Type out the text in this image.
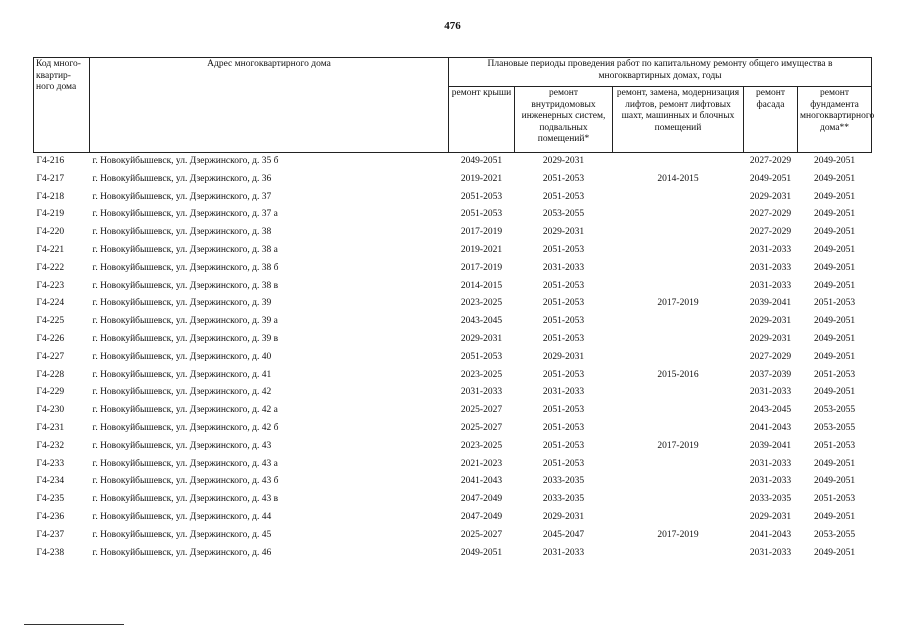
476
Код много-квартир-ного дома	Адрес многоквартирного дома	Плановые периоды проведения работ по капитальному ремонту общего имущества в многоквартирных домах, годы				
		ремонт крыши	ремонт внутридомовых инженерных систем, подвальных помещений*	ремонт, замена, модернизация лифтов, ремонт лифтовых шахт, машинных и блочных помещений	ремонт фасада	ремонт фундамента многоквартирного дома**
Г4-216	г. Новокуйбышевск, ул. Дзержинского, д. 35 б	2049-2051	2029-2031		2027-2029	2049-2051
Г4-217	г. Новокуйбышевск, ул. Дзержинского, д. 36	2019-2021	2051-2053	2014-2015	2049-2051	2049-2051
Г4-218	г. Новокуйбышевск, ул. Дзержинского, д. 37	2051-2053	2051-2053		2029-2031	2049-2051
Г4-219	г. Новокуйбышевск, ул. Дзержинского, д. 37 а	2051-2053	2053-2055		2027-2029	2049-2051
Г4-220	г. Новокуйбышевск, ул. Дзержинского, д. 38	2017-2019	2029-2031		2027-2029	2049-2051
Г4-221	г. Новокуйбышевск, ул. Дзержинского, д. 38 а	2019-2021	2051-2053		2031-2033	2049-2051
Г4-222	г. Новокуйбышевск, ул. Дзержинского, д. 38 б	2017-2019	2031-2033		2031-2033	2049-2051
Г4-223	г. Новокуйбышевск, ул. Дзержинского, д. 38 в	2014-2015	2051-2053		2031-2033	2049-2051
Г4-224	г. Новокуйбышевск, ул. Дзержинского, д. 39	2023-2025	2051-2053	2017-2019	2039-2041	2051-2053
Г4-225	г. Новокуйбышевск, ул. Дзержинского, д. 39 а	2043-2045	2051-2053		2029-2031	2049-2051
Г4-226	г. Новокуйбышевск, ул. Дзержинского, д. 39 в	2029-2031	2051-2053		2029-2031	2049-2051
Г4-227	г. Новокуйбышевск, ул. Дзержинского, д. 40	2051-2053	2029-2031		2027-2029	2049-2051
Г4-228	г. Новокуйбышевск, ул. Дзержинского, д. 41	2023-2025	2051-2053	2015-2016	2037-2039	2051-2053
Г4-229	г. Новокуйбышевск, ул. Дзержинского, д. 42	2031-2033	2031-2033		2031-2033	2049-2051
Г4-230	г. Новокуйбышевск, ул. Дзержинского, д. 42 а	2025-2027	2051-2053		2043-2045	2053-2055
Г4-231	г. Новокуйбышевск, ул. Дзержинского, д. 42 б	2025-2027	2051-2053		2041-2043	2053-2055
Г4-232	г. Новокуйбышевск, ул. Дзержинского, д. 43	2023-2025	2051-2053	2017-2019	2039-2041	2051-2053
Г4-233	г. Новокуйбышевск, ул. Дзержинского, д. 43 а	2021-2023	2051-2053		2031-2033	2049-2051
Г4-234	г. Новокуйбышевск, ул. Дзержинского, д. 43 б	2041-2043	2033-2035		2031-2033	2049-2051
Г4-235	г. Новокуйбышевск, ул. Дзержинского, д. 43 в	2047-2049	2033-2035		2033-2035	2051-2053
Г4-236	г. Новокуйбышевск, ул. Дзержинского, д. 44	2047-2049	2029-2031		2029-2031	2049-2051
Г4-237	г. Новокуйбышевск, ул. Дзержинского, д. 45	2025-2027	2045-2047	2017-2019	2041-2043	2053-2055
Г4-238	г. Новокуйбышевск, ул. Дзержинского, д. 46	2049-2051	2031-2033		2031-2033	2049-2051
